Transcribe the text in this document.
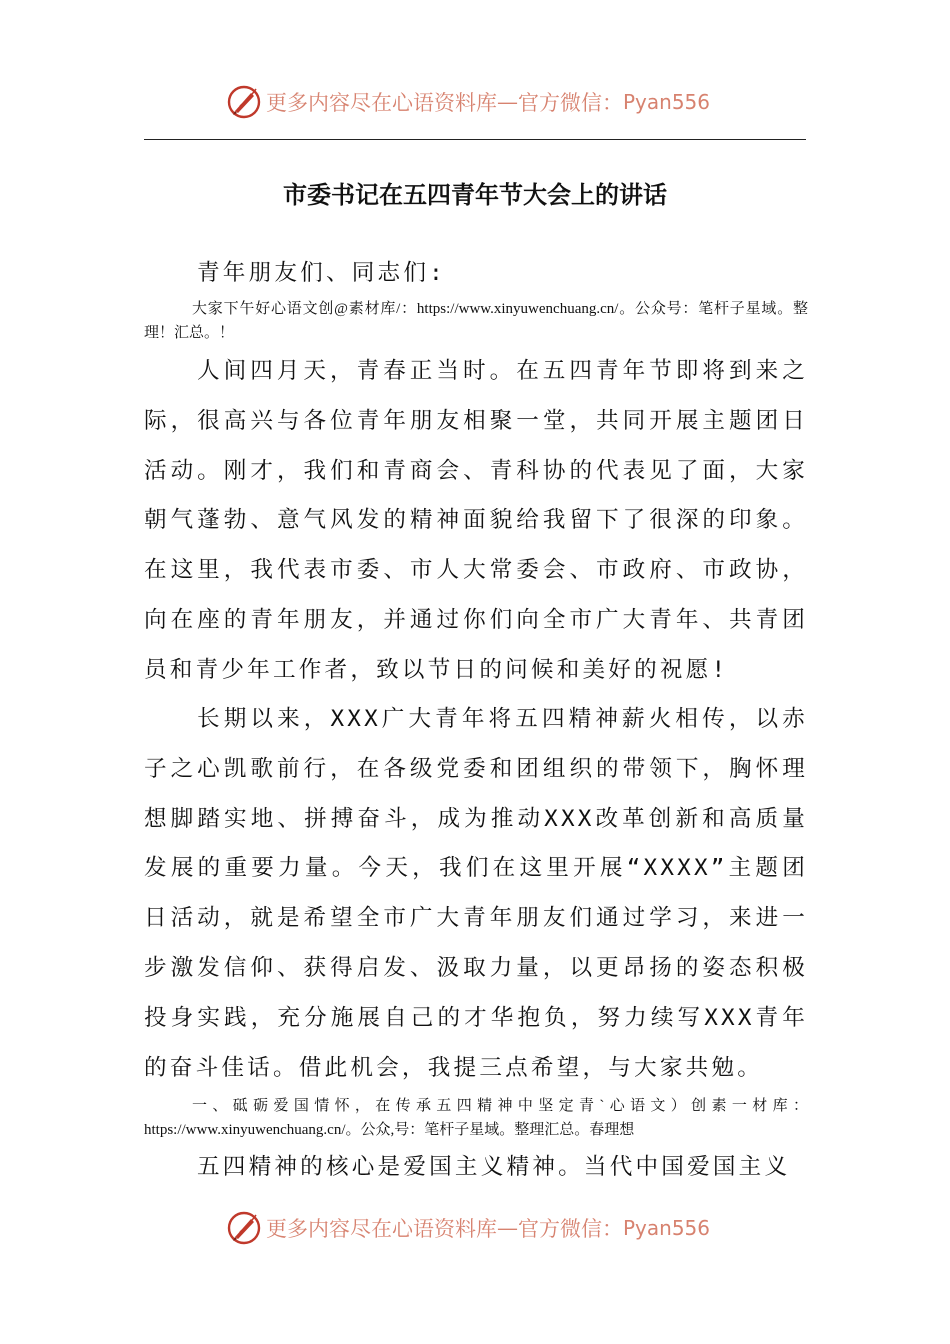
更多内容尽在心语资料库 — 官方微信： Pyan556
市委书记在五四青年节大会上的讲话

青年朋友们、同志们:

大家下午好心语文创@素材库/：https://www.xinyuwenchuang.cn/。公众号：笔杆子星域。整理！汇总。！

人间四月天，青春正当时。在五四青年节即将到来之际，很高兴与各位青年朋友相聚一堂，共同开展主题团日活动。刚才，我们和青商会、青科协的代表见了面，大家朝气蓬勃、意气风发的精神面貌给我留下了很深的印象。在这里，我代表市委、市人大常委会、市政府、市政协，向在座的青年朋友，并通过你们向全市广大青年、共青团员和青少年工作者，致以节日的问候和美好的祝愿!

长期以来，XXX广大青年将五四精神薪火相传，以赤子之心凯歌前行，在各级党委和团组织的带领下，胸怀理想脚踏实地、拼搏奋斗，成为推动XXX改革创新和高质量发展的重要力量。今天，我们在这里开展“XXXX”主题团日活动，就是希望全市广大青年朋友们通过学习，来进一步激发信仰、获得启发、汲取力量，以更昂扬的姿态积极投身实践，充分施展自己的才华抱负，努力续写XXX青年的奋斗佳话。借此机会，我提三点希望，与大家共勉。

一、砥砺爱国情怀，在传承五四精神中坚定青`心语文）创素一材库：https://www.xinyuwenchuang.cn/。公众,号：笔杆子星域。整理汇总。春理想

五四精神的核心是爱国主义精神。当代中国爱国主义

更多内容尽在心语资料库 — 官方微信： Pyan556
